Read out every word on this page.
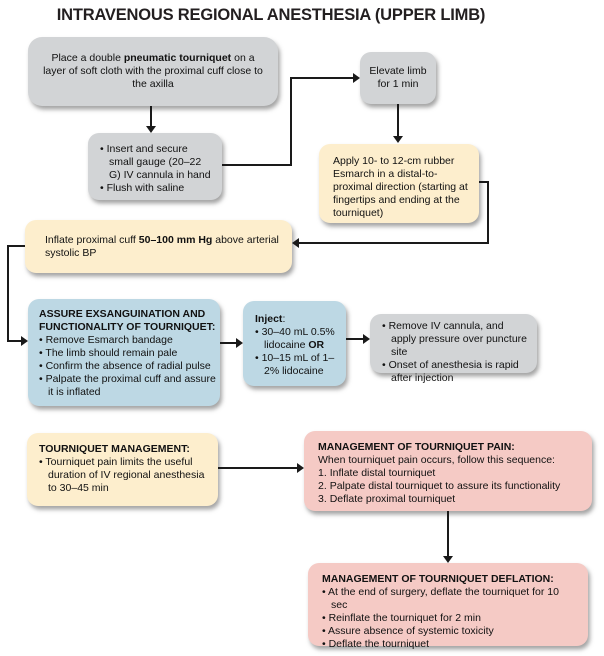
INTRAVENOUS REGIONAL ANESTHESIA (UPPER LIMB)
Place a double pneumatic tourniquet on a layer of soft cloth with the proximal cuff close to the axilla
Elevate limb for 1 min
• Insert and secure small gauge (20–22 G) IV cannula in hand
• Flush with saline
Apply 10- to 12-cm rubber Esmarch in a distal-to-proximal direction (starting at fingertips and ending at the tourniquet)
Inflate proximal cuff 50–100 mm Hg above arterial systolic BP
ASSURE EXSANGUINATION AND FUNCTIONALITY OF TOURNIQUET:
• Remove Esmarch bandage
• The limb should remain pale
• Confirm the absence of radial pulse
• Palpate the proximal cuff and assure it is inflated
Inject:
• 30–40 mL 0.5% lidocaine OR
• 10–15 mL of 1–2% lidocaine
• Remove IV cannula, and apply pressure over puncture site
• Onset of anesthesia is rapid after injection
TOURNIQUET MANAGEMENT:
• Tourniquet pain limits the useful duration of IV regional anesthesia to 30–45 min
MANAGEMENT OF TOURNIQUET PAIN:
When tourniquet pain occurs, follow this sequence:
1. Inflate distal tourniquet
2. Palpate distal tourniquet to assure its functionality
3. Deflate proximal tourniquet
MANAGEMENT OF TOURNIQUET DEFLATION:
• At the end of surgery, deflate the tourniquet for 10 sec
• Reinflate the tourniquet for 2 min
• Assure absence of systemic toxicity
• Deflate the tourniquet
